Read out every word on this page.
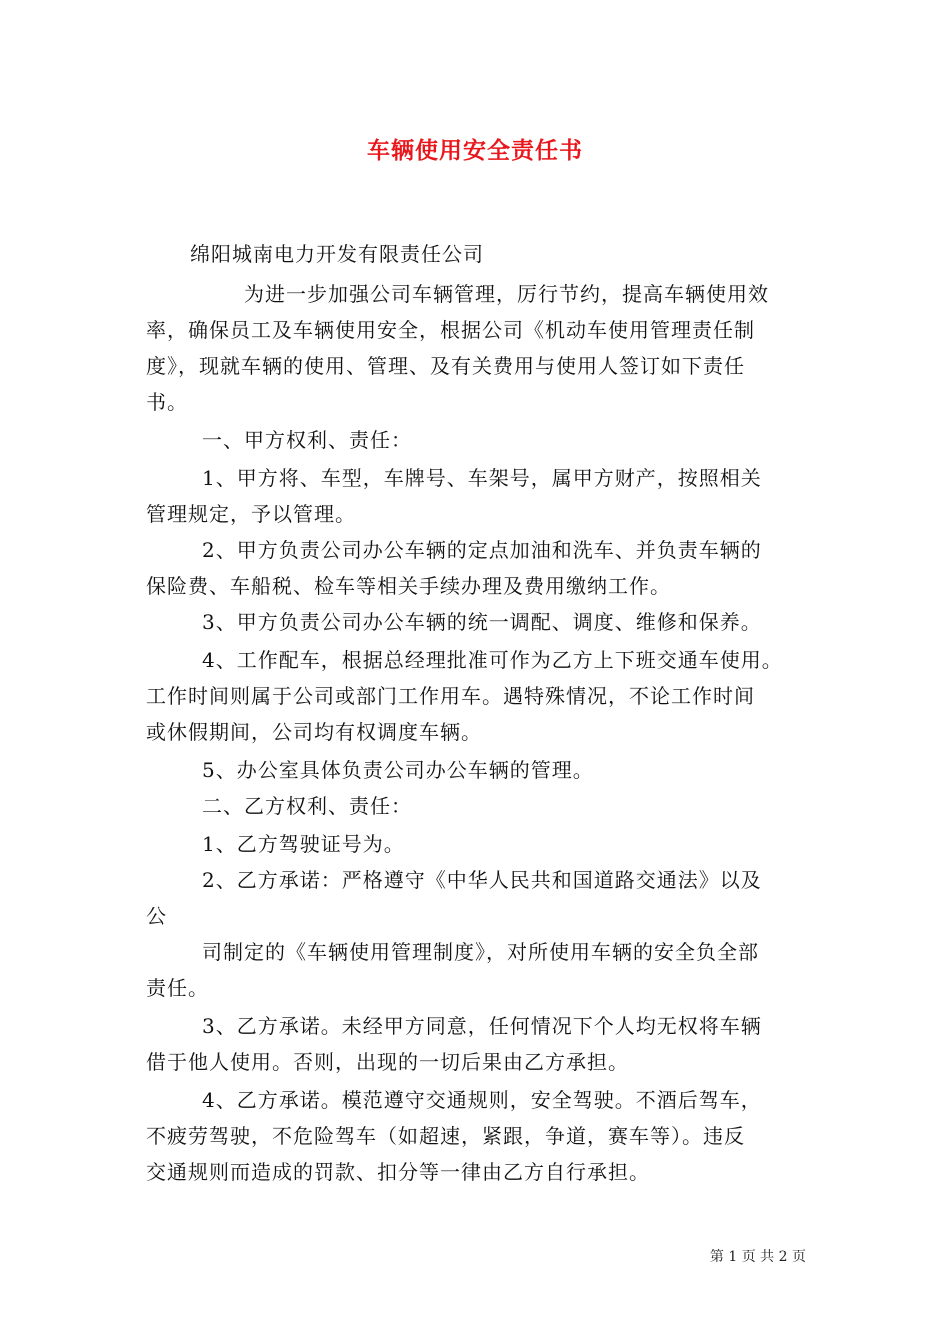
车辆使用安全责任书
绵阳城南电力开发有限责任公司
为进一步加强公司车辆管理，厉行节约，提高车辆使用效
率，确保员工及车辆使用安全，根据公司《机动车使用管理责任制
度》，现就车辆的使用、管理、及有关费用与使用人签订如下责任
书。
一、甲方权利、责任：
1、甲方将、车型，车牌号、车架号，属甲方财产，按照相关
管理规定，予以管理。
2、甲方负责公司办公车辆的定点加油和洗车、并负责车辆的
保险费、车船税、检车等相关手续办理及费用缴纳工作。
3、甲方负责公司办公车辆的统一调配、调度、维修和保养。
4、工作配车，根据总经理批准可作为乙方上下班交通车使用。
工作时间则属于公司或部门工作用车。遇特殊情况，不论工作时间
或休假期间，公司均有权调度车辆。
5、办公室具体负责公司办公车辆的管理。
二、乙方权利、责任：
1、乙方驾驶证号为。
2、乙方承诺：严格遵守《中华人民共和国道路交通法》以及
公
司制定的《车辆使用管理制度》，对所使用车辆的安全负全部
责任。
3、乙方承诺。未经甲方同意，任何情况下个人均无权将车辆
借于他人使用。否则，出现的一切后果由乙方承担。
4、乙方承诺。模范遵守交通规则，安全驾驶。不酒后驾车，
不疲劳驾驶，不危险驾车（如超速，紧跟，争道，赛车等）。违反
交通规则而造成的罚款、扣分等一律由乙方自行承担。
第 1 页 共 2 页
